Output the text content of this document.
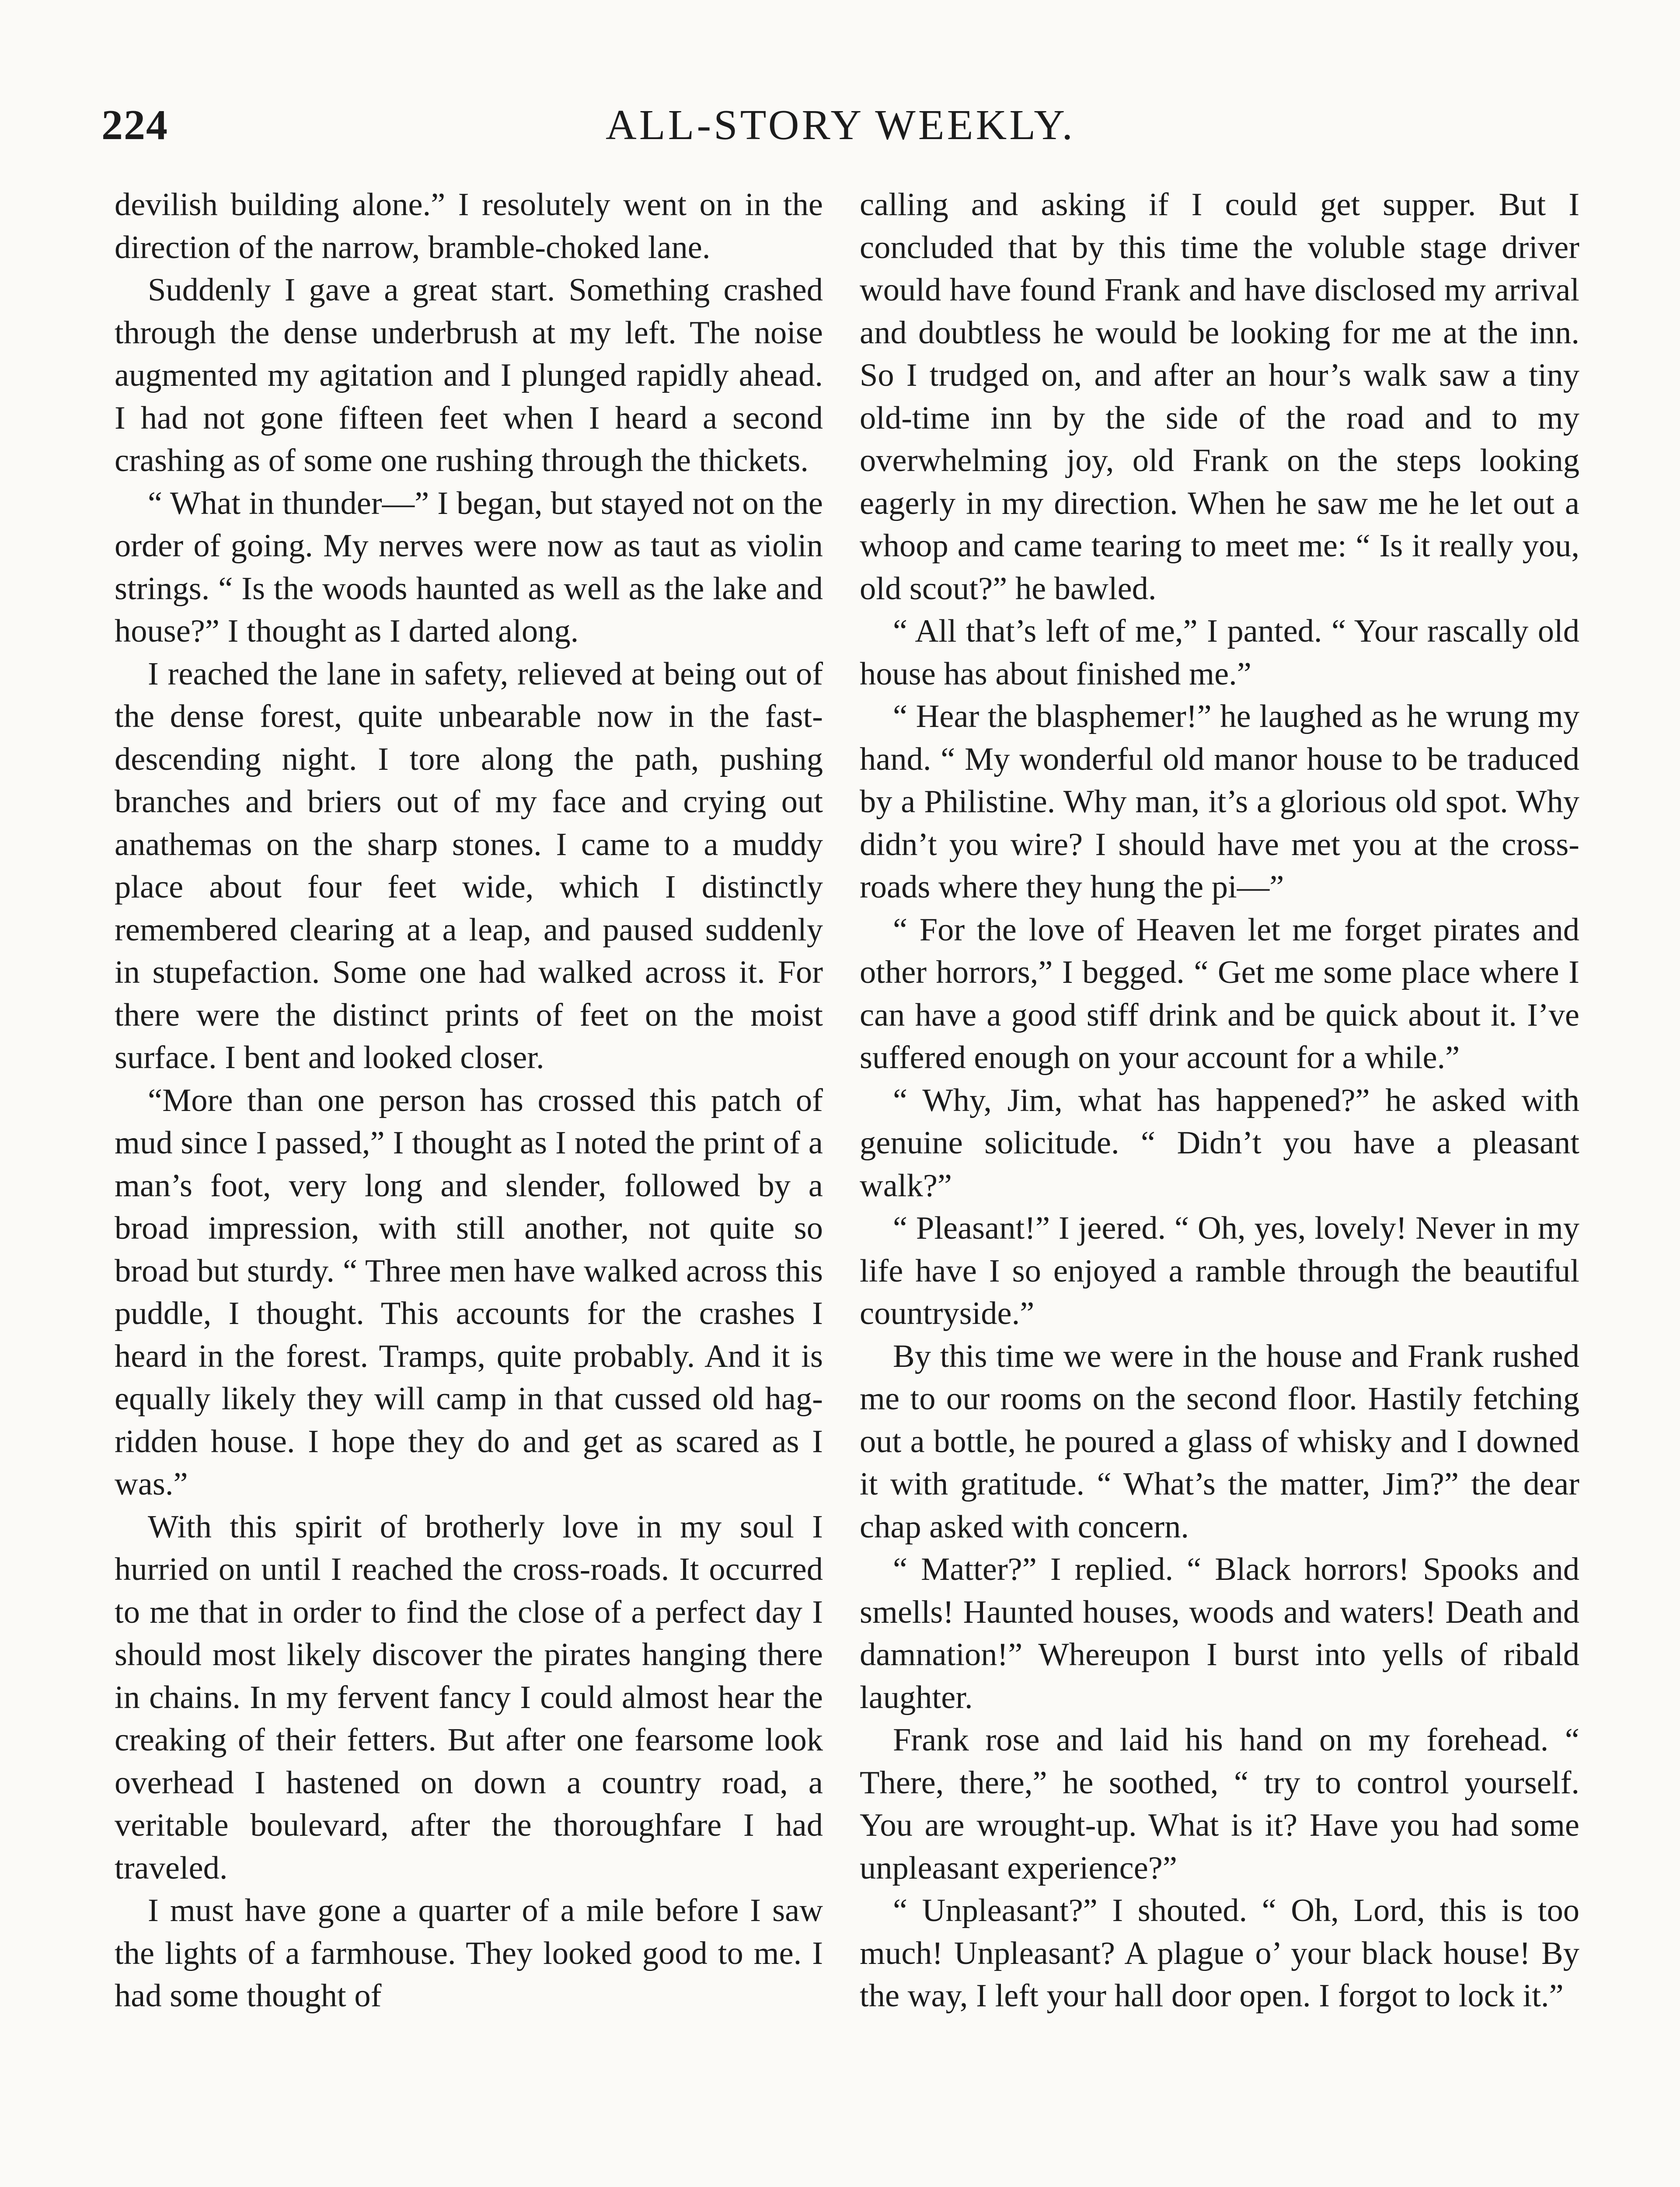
224	ALL-STORY WEEKLY.

devilish building alone.” I resolutely went on in the direction of the narrow, bramble-choked lane.

Suddenly I gave a great start. Something crashed through the dense underbrush at my left. The noise augmented my agitation and I plunged rapidly ahead. I had not gone fifteen feet when I heard a second crashing as of some one rushing through the thickets.

“ What in thunder—” I began, but stayed not on the order of going. My nerves were now as taut as violin strings. “ Is the woods haunted as well as the lake and house?” I thought as I darted along.

I reached the lane in safety, relieved at being out of the dense forest, quite unbearable now in the fast-descending night. I tore along the path, pushing branches and briers out of my face and crying out anathemas on the sharp stones. I came to a muddy place about four feet wide, which I distinctly remembered clearing at a leap, and paused suddenly in stupefaction. Some one had walked across it. For there were the distinct prints of feet on the moist surface. I bent and looked closer.

“More than one person has crossed this patch of mud since I passed,” I thought as I noted the print of a man’s foot, very long and slender, followed by a broad impression, with still another, not quite so broad but sturdy. “ Three men have walked across this puddle, I thought. This accounts for the crashes I heard in the forest. Tramps, quite probably. And it is equally likely they will camp in that cussed old hag-ridden house. I hope they do and get as scared as I was.”

With this spirit of brotherly love in my soul I hurried on until I reached the cross-roads. It occurred to me that in order to find the close of a perfect day I should most likely discover the pirates hanging there in chains. In my fervent fancy I could almost hear the creaking of their fetters. But after one fearsome look overhead I hastened on down a country road, a veritable boulevard, after the thoroughfare I had traveled.

I must have gone a quarter of a mile before I saw the lights of a farmhouse. They looked good to me. I had some thought of

calling and asking if I could get supper. But I concluded that by this time the voluble stage driver would have found Frank and have disclosed my arrival and doubtless he would be looking for me at the inn. So I trudged on, and after an hour’s walk saw a tiny old-time inn by the side of the road and to my overwhelming joy, old Frank on the steps looking eagerly in my direction. When he saw me he let out a whoop and came tearing to meet me: “ Is it really you, old scout?” he bawled.

“ All that’s left of me,” I panted. “ Your rascally old house has about finished me.”

“ Hear the blasphemer!” he laughed as he wrung my hand. “ My wonderful old manor house to be traduced by a Philistine. Why man, it’s a glorious old spot. Why didn’t you wire? I should have met you at the cross-roads where they hung the pi—”

“ For the love of Heaven let me forget pirates and other horrors,” I begged. “ Get me some place where I can have a good stiff drink and be quick about it. I’ve suffered enough on your account for a while.”

“ Why, Jim, what has happened?” he asked with genuine solicitude. “ Didn’t you have a pleasant walk?”

“ Pleasant!” I jeered. “ Oh, yes, lovely! Never in my life have I so enjoyed a ramble through the beautiful countryside.”

By this time we were in the house and Frank rushed me to our rooms on the second floor. Hastily fetching out a bottle, he poured a glass of whisky and I downed it with gratitude. “ What’s the matter, Jim?” the dear chap asked with concern.

“ Matter?” I replied. “ Black horrors! Spooks and smells! Haunted houses, woods and waters! Death and damnation!” Whereupon I burst into yells of ribald laughter.

Frank rose and laid his hand on my forehead. “ There, there,” he soothed, “ try to control yourself. You are wrought-up. What is it? Have you had some unpleasant experience?”

“ Unpleasant?” I shouted. “ Oh, Lord, this is too much! Unpleasant? A plague o’ your black house! By the way, I left your hall door open. I forgot to lock it.”
